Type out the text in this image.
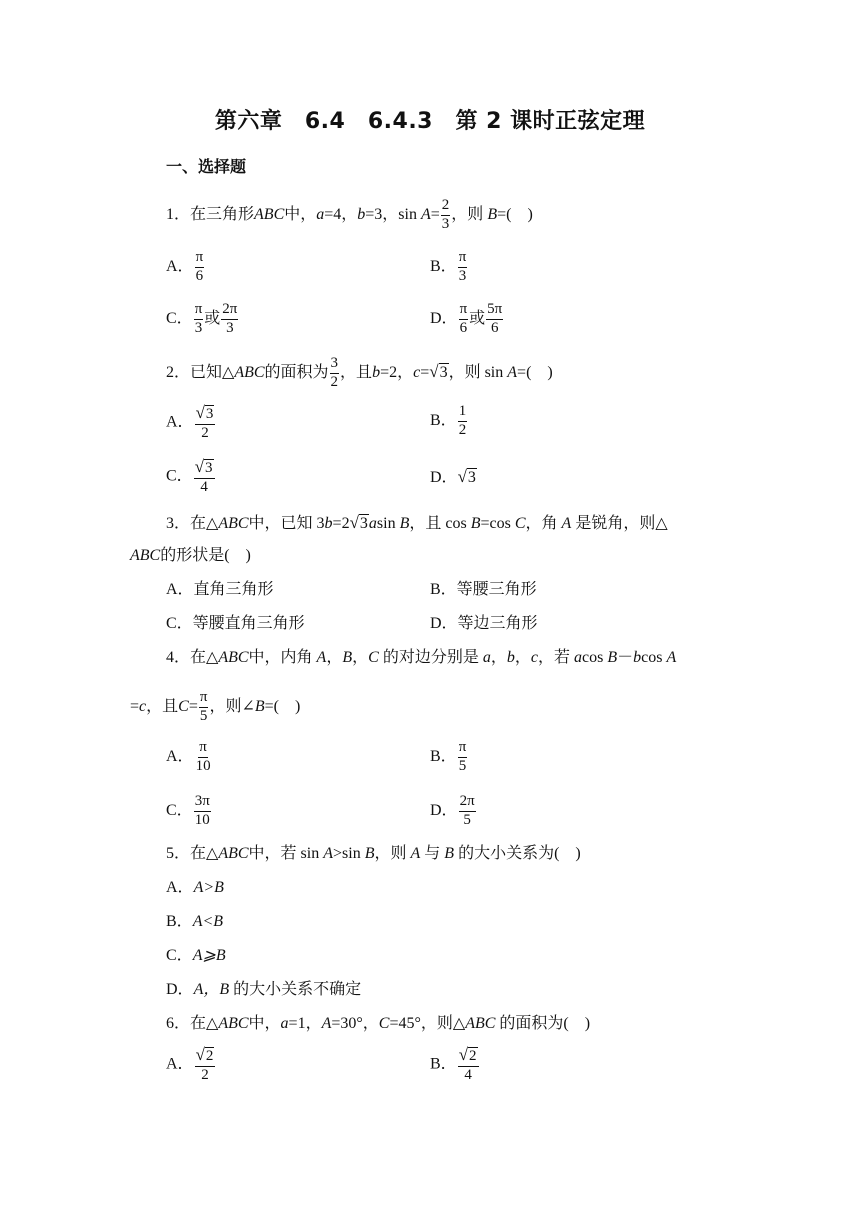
第六章　6.4　6.4.3　第 2 课时正弦定理
一、选择题
1．在三角形ABC中，a=4，b=3，$\sin A= \frac{2}{3}$ ，则 B=(　)
A． $\frac{\pi}{6}$	B． $\frac{\pi}{3}$
C． $\frac{\pi}{3}$ 或 $\frac{2\pi}{3}$	D． $\frac{\pi}{6}$ 或 $\frac{5\pi}{6}$
2．已知△ABC的面积为 $\frac{3}{2}$ ，且b=2，c=√3，则 sin A=(　)
A． $\frac{√3}{2}$	B． $\frac{1}{2}$
C． $\frac{√3}{4}$	D．√3
3．在△ABC中，已知 3b=2√3asin B，且 cos B=cos C，角 A 是锐角，则△
ABC的形状是(　)
A．直角三角形	B．等腰三角形
C．等腰直角三角形	D．等边三角形
4．在△ABC中，内角 A，B，C 的对边分别是 a，b，c，若 acos B－bcos A
=c，且$C= \frac{\pi}{5}$ ，则∠B=(　)
A． $\frac{\pi}{10}$	B． $\frac{\pi}{5}$
C． $\frac{3\pi}{10}$	D． $\frac{2\pi}{5}$
5．在△ABC中，若 sin A>sin B，则 A 与 B 的大小关系为(　)
A．A>B
B．A<B
C．A⩾B
D．A，B 的大小关系不确定
6．在△ABC中，a=1，A=30°，C=45°，则△ABC 的面积为(　)
A． $\frac{√2}{2}$	B． $\frac{√2}{4}$
